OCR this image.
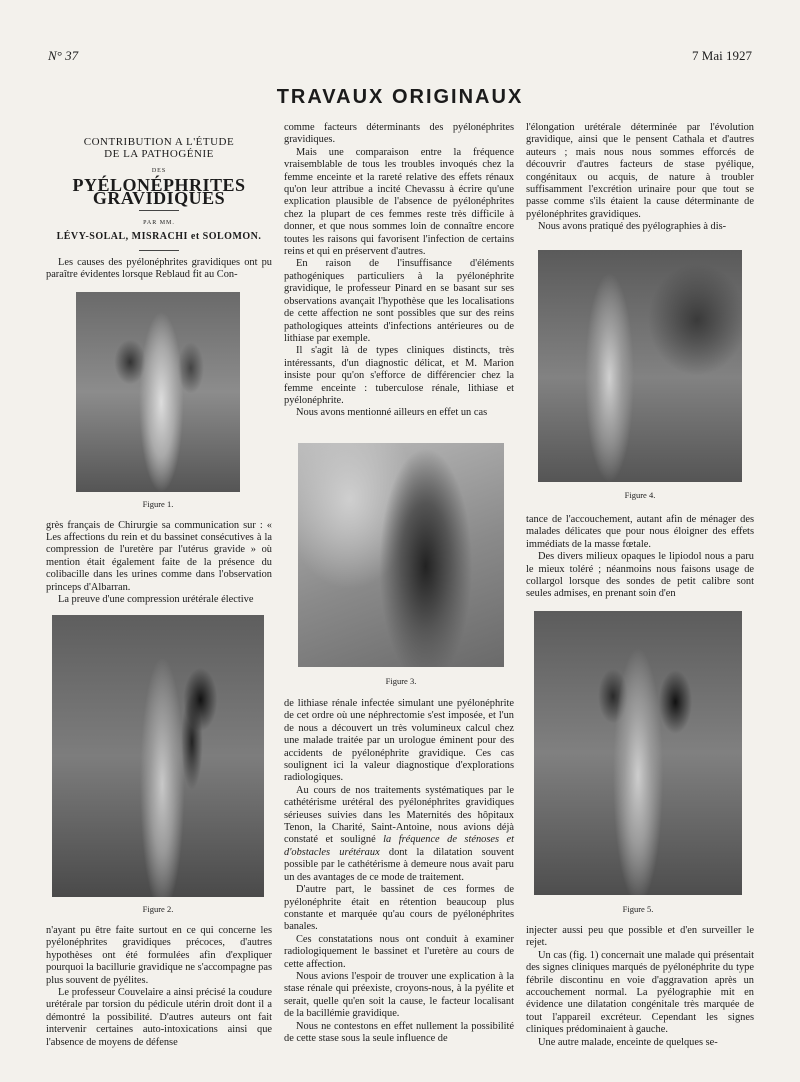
N° 37	7 Mai 1927
TRAVAUX ORIGINAUX
CONTRIBUTION A L'ÉTUDE
DE LA PATHOGÉNIE
DES
PYÉLONÉPHRITES GRAVIDIQUES
PAR MM.
LÉVY-SOLAL, MISRACHI et SOLOMON.

Les causes des pyélonéphrites gravidiques ont pu paraître évidentes lorsque Reblaud fit au Con-

grès français de Chirurgie sa communication sur : « Les affections du rein et du bassinet consécutives à la compression de l'uretère par l'utérus gravide » où mention était également faite de la présence du colibacille dans les urines comme dans l'observation princeps d'Albarran.

La preuve d'une compression urétérale élective

n'ayant pu être faite surtout en ce qui concerne les pyélonéphrites gravidiques précoces, d'autres hypothèses ont été formulées afin d'expliquer pourquoi la bacillurie gravidique ne s'accompagne pas plus souvent de pyélites.

Le professeur Couvelaire a ainsi précisé la coudure urétérale par torsion du pédicule utérin droit dont il a démontré la possibilité. D'autres auteurs ont fait intervenir certaines auto-intoxications ainsi que l'absence de moyens de défense

Figure 1.
Figure 2.

comme facteurs déterminants des pyélonéphrites gravidiques.

Mais une comparaison entre la fréquence vraisemblable de tous les troubles invoqués chez la femme enceinte et la rareté relative des effets rénaux qu'on leur attribue a incité Chevassu à écrire qu'une explication plausible de l'absence de pyélonéphrites chez la plupart de ces femmes reste très difficile à donner, et que nous sommes loin de connaître encore toutes les raisons qui favorisent l'infection de certains reins et qui en préservent d'autres.

En raison de l'insuffisance d'éléments pathogéniques particuliers à la pyélonéphrite gravidique, le professeur Pinard en se basant sur ses observations avançait l'hypothèse que les localisations de cette affection ne sont possibles que sur des reins pathologiques atteints d'infections antérieures ou de lithiase par exemple.

Il s'agit là de types cliniques distincts, très intéressants, d'un diagnostic délicat, et M. Marion insiste pour qu'on s'efforce de différencier chez la femme enceinte : tuberculose rénale, lithiase et pyélonéphrite.

Nous avons mentionné ailleurs en effet un cas

Figure 3.

de lithiase rénale infectée simulant une pyélonéphrite de cet ordre où une néphrectomie s'est imposée, et l'un de nous a découvert un très volumineux calcul chez une malade traitée par un urologue éminent pour des accidents de pyélonéphrite gravidique. Ces cas soulignent ici la valeur diagnostique d'explorations radiologiques.

Au cours de nos traitements systématiques par le cathétérisme urétéral des pyélonéphrites gravidiques sérieuses suivies dans les Maternités des hôpitaux Tenon, la Charité, Saint-Antoine, nous avions déjà constaté et souligné la fréquence de sténoses et d'obstacles urétéraux dont la dilatation souvent possible par le cathétérisme à demeure nous avait paru un des avantages de ce mode de traitement.

D'autre part, le bassinet de ces formes de pyélonéphrite était en rétention beaucoup plus constante et marquée qu'au cours de pyélonéphrites banales.

Ces constatations nous ont conduit à examiner radiologiquement le bassinet et l'uretère au cours de cette affection.

Nous avions l'espoir de trouver une explication à la stase rénale qui préexiste, croyons-nous, à la pyélite et serait, quelle qu'en soit la cause, le facteur localisant de la bacillémie gravidique.

Nous ne contestons en effet nullement la possibilité de cette stase sous la seule influence de

l'élongation urétérale déterminée par l'évolution gravidique, ainsi que le pensent Cathala et d'autres auteurs ; mais nous nous sommes efforcés de découvrir d'autres facteurs de stase pyélique, congénitaux ou acquis, de nature à troubler suffisamment l'excrétion urinaire pour que tout se passe comme s'ils étaient la cause déterminante de pyélonéphrites gravidiques.

Nous avons pratiqué des pyélographies à dis-

Figure 4.

tance de l'accouchement, autant afin de ménager des malades délicates que pour nous éloigner des effets immédiats de la masse fœtale.

Des divers milieux opaques le lipiodol nous a paru le mieux toléré ; néanmoins nous faisons usage de collargol lorsque des sondes de petit calibre sont seules admises, en prenant soin d'en

Figure 5.

injecter aussi peu que possible et d'en surveiller le rejet.

Un cas (fig. 1) concernait une malade qui présentait des signes cliniques marqués de pyélonéphrite du type fébrile discontinu en voie d'aggravation après un accouchement normal. La pyélographie mit en évidence une dilatation congénitale très marquée de tout l'appareil excréteur. Cependant les signes cliniques prédominaient à gauche.

Une autre malade, enceinte de quelques se-
